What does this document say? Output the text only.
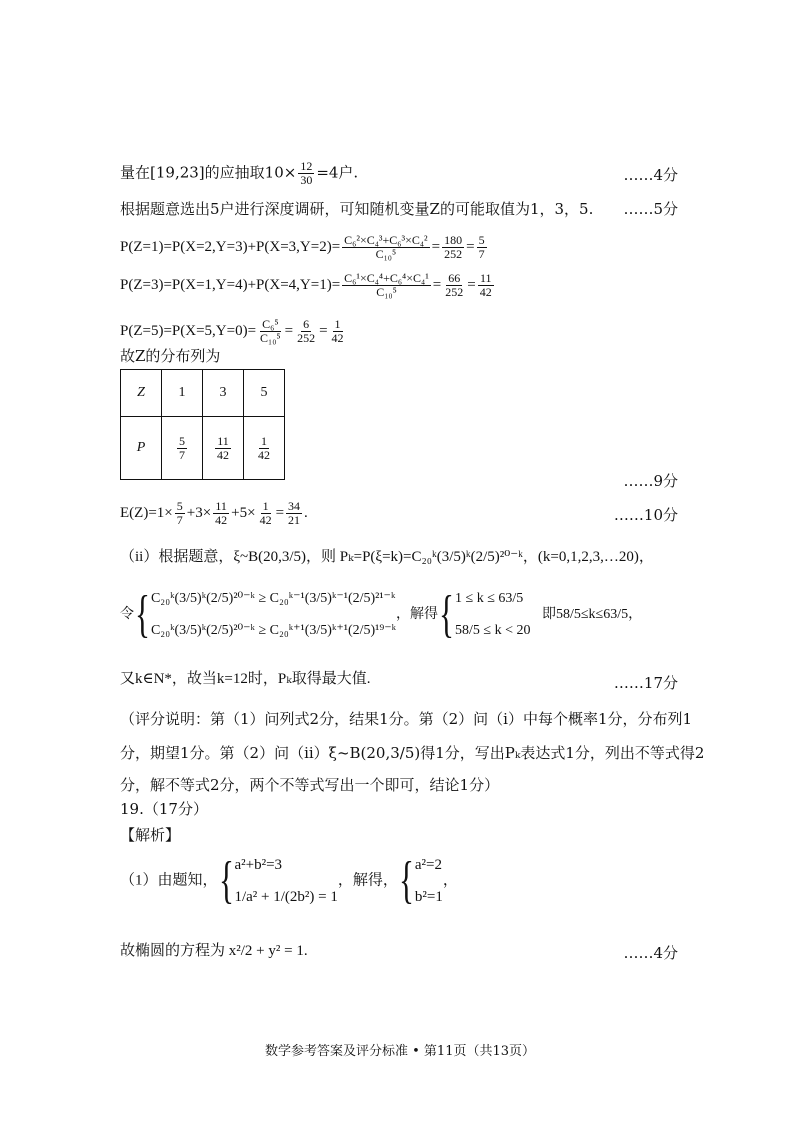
量在[19,23]的应抽取$10\times \frac{12}{30} =4$户.	……4分
根据题意选出5户进行深度调研，可知随机变量Z的可能取值为1，3，5. ……5分
$P(Z=1)=P(X=2,Y=3)+P(X=3,Y=2)= \frac{\text{C₆²×C₄³+C₆³×C₄²}}{\text{C₁₀⁵}} = \frac{180}{252} = \frac{5}{7}$
$P(Z=3)=P(X=1,Y=4)+P(X=4,Y=1)= \frac{\text{C₆¹×C₄⁴+C₆⁴×C₄¹}}{\text{C₁₀⁵}} = \frac{66}{252} = \frac{11}{42}$
$P(Z=5)=P(X=5,Y=0)= \frac{\text{C₆⁵}}{\text{C₁₀⁵}} = \frac{6}{252} = \frac{1}{42}$
故Z的分布列为
Z	1	3	5
P	$\frac{5}{7}$	$\frac{11}{42}$	$\frac{1}{42}$
……9分
$E(Z)=1\times \frac{5}{7} +3\times \frac{11}{42} +5\times \frac{1}{42} = \frac{34}{21}$ .	……10分
（ii）根据题意，ξ~B(20,3/5)，则 Pₖ=P(ξ=k)=C₂₀ᵏ(3/5)ᵏ(2/5)²⁰⁻ᵏ，(k=0,1,2,3,…20)，
令{ C₂₀ᵏ(3/5)ᵏ(2/5)²⁰⁻ᵏ ≥ C₂₀ᵏ⁻¹(3/5)ᵏ⁻¹(2/5)²¹⁻ᵏ
C₂₀ᵏ(3/5)ᵏ(2/5)²⁰⁻ᵏ ≥ C₂₀ᵏ⁺¹(3/5)ᵏ⁺¹(2/5)¹⁹⁻ᵏ
，解得{ 1 ≤ k ≤ 63/5
58/5 ≤ k < 20
即58/5≤k≤63/5，
又k∈N*，故当k=12时，Pₖ取得最大值.	……17分
（评分说明：第（1）问列式2分，结果1分。第（2）问（i）中每个概率1分，分布列1
分，期望1分。第（2）问（ii）ξ~B(20,3/5)得1分，写出Pₖ表达式1分，列出不等式得2
分，解不等式2分，两个不等式写出一个即可，结论1分）
19.（17分）
【解析】
（1）由题知，{ a²+b²=3
1/a² + 1/(2b²) = 1
，解得，{ a²=2
b²=1
，
故椭圆的方程为 x²/2 + y² = 1.	……4分
数学参考答案及评分标准 • 第11页（共13页）
